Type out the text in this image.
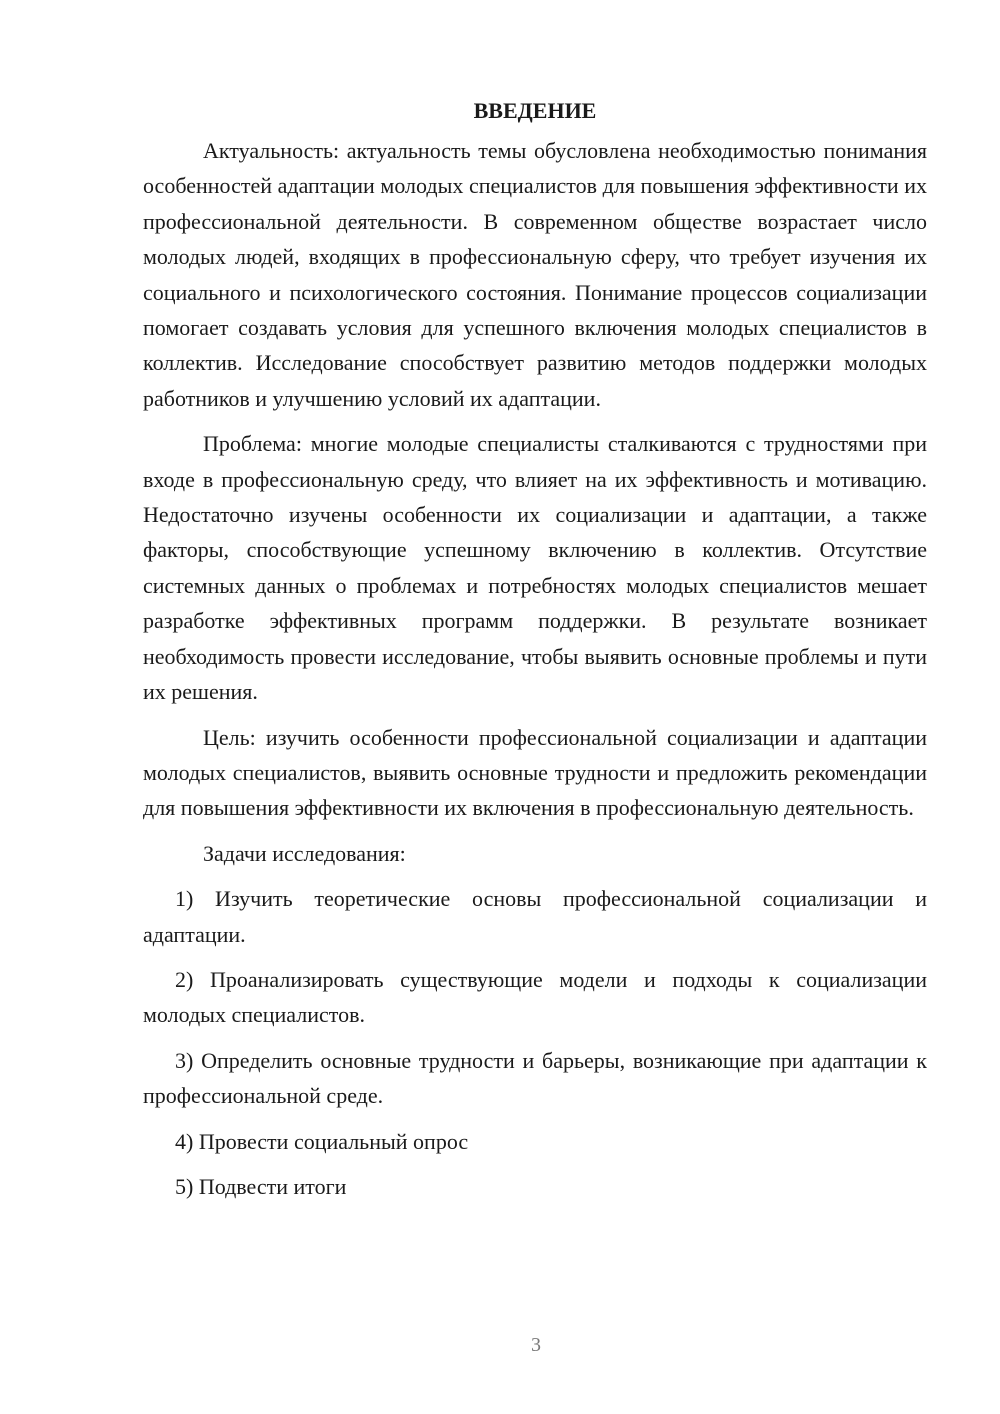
ВВЕДЕНИЕ

Актуальность: актуальность темы обусловлена необходимостью понимания особенностей адаптации молодых специалистов для повышения эффективности их профессиональной деятельности. В современном обществе возрастает число молодых людей, входящих в профессиональную сферу, что требует изучения их социального и психологического состояния. Понимание процессов социализации помогает создавать условия для успешного включения молодых специалистов в коллектив. Исследование способствует развитию методов поддержки молодых работников и улучшению условий их адаптации.

Проблема: многие молодые специалисты сталкиваются с трудностями при входе в профессиональную среду, что влияет на их эффективность и мотивацию. Недостаточно изучены особенности их социализации и адаптации, а также факторы, способствующие успешному включению в коллектив. Отсутствие системных данных о проблемах и потребностях молодых специалистов мешает разработке эффективных программ поддержки. В результате возникает необходимость провести исследование, чтобы выявить основные проблемы и пути их решения.

Цель: изучить особенности профессиональной социализации и адаптации молодых специалистов, выявить основные трудности и предложить рекомендации для повышения эффективности их включения в профессиональную деятельность.

Задачи исследования:

1) Изучить теоретические основы профессиональной социализации и адаптации.

2) Проанализировать существующие модели и подходы к социализации молодых специалистов.

3) Определить основные трудности и барьеры, возникающие при адаптации к профессиональной среде.

4) Провести социальный опрос

5) Подвести итоги

3
